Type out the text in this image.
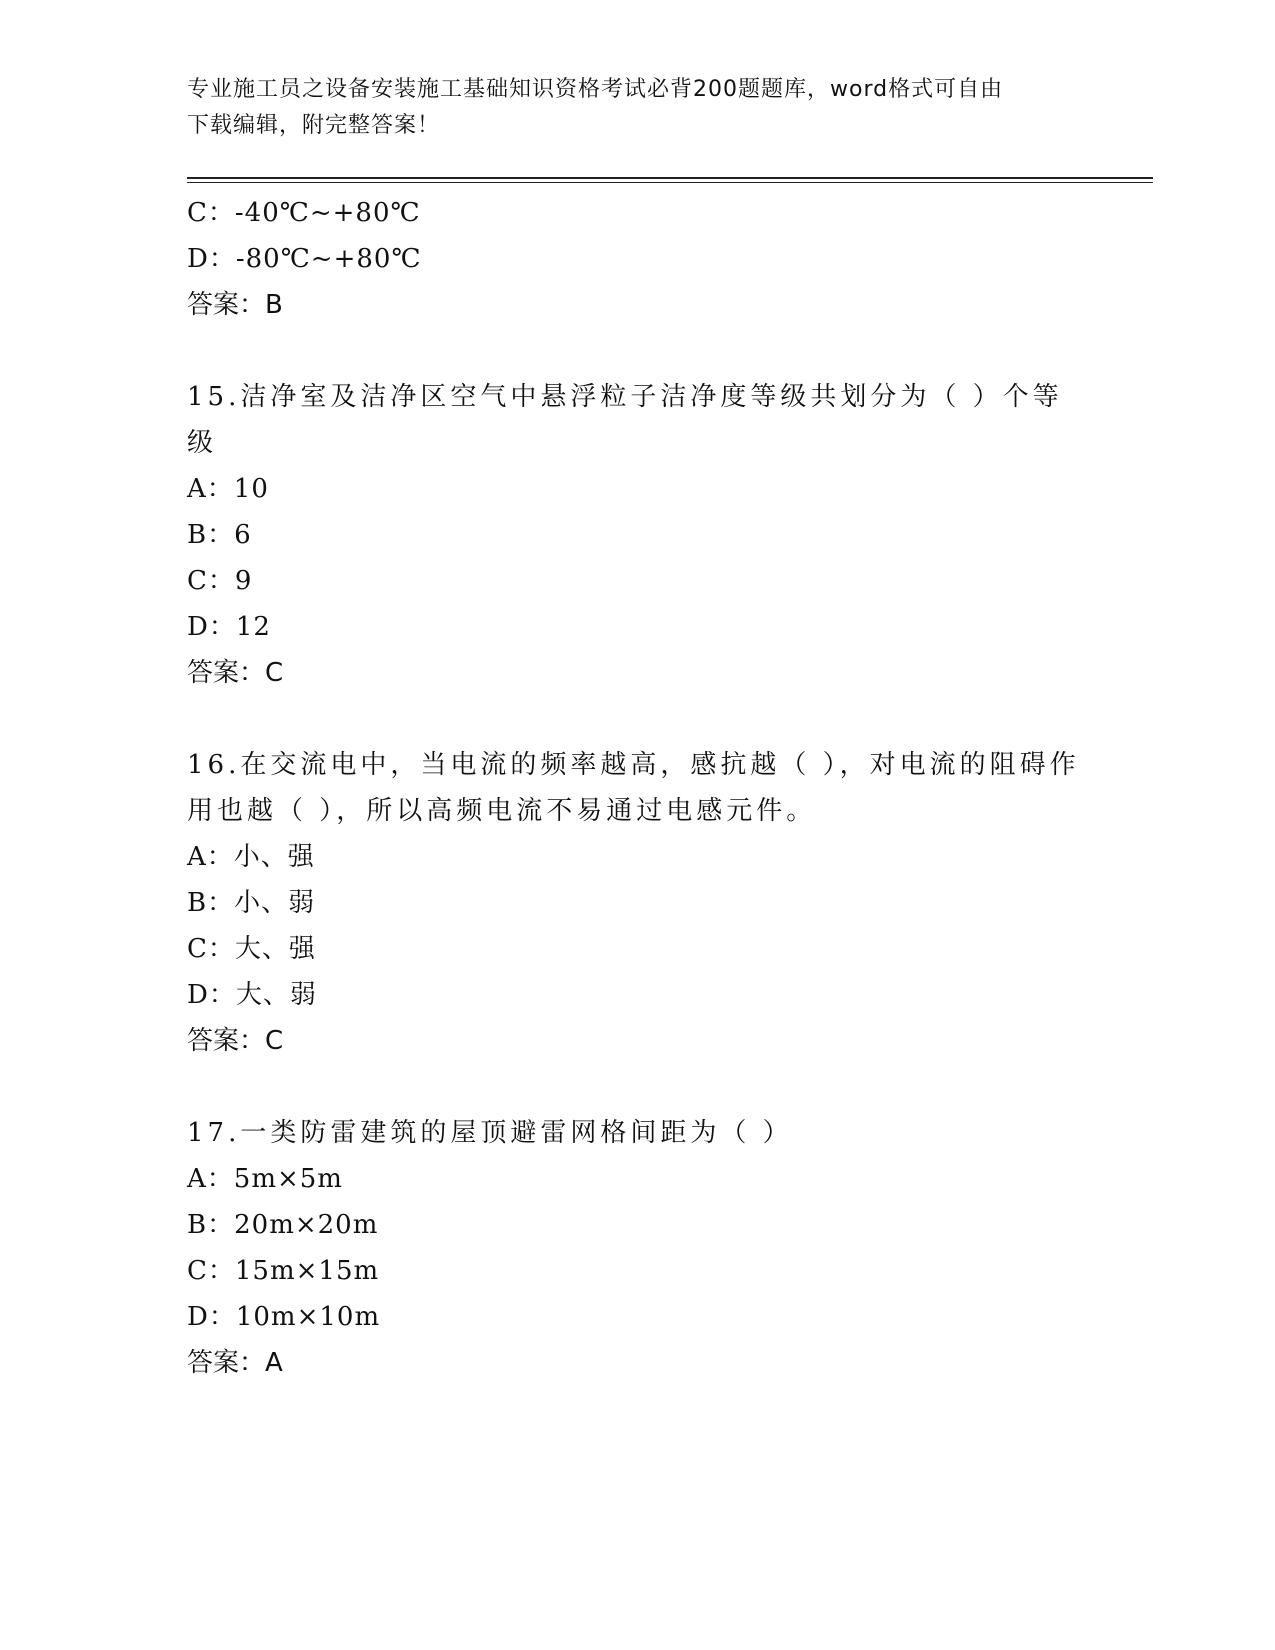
专业施工员之设备安装施工基础知识资格考试必背200题题库，word格式可自由
下载编辑，附完整答案！
C：-40℃~+80℃
D：-80℃~+80℃
答案：B
15.洁净室及洁净区空气中悬浮粒子洁净度等级共划分为（ ）个等级
A：10
B：6
C：9
D：12
答案：C
16.在交流电中，当电流的频率越高，感抗越（ ），对电流的阻碍作
用也越（ ），所以高频电流不易通过电感元件。
A：小、强
B：小、弱
C：大、强
D：大、弱
答案：C
17.一类防雷建筑的屋顶避雷网格间距为（ ）
A：5m×5m
B：20m×20m
C：15m×15m
D：10m×10m
答案：A
